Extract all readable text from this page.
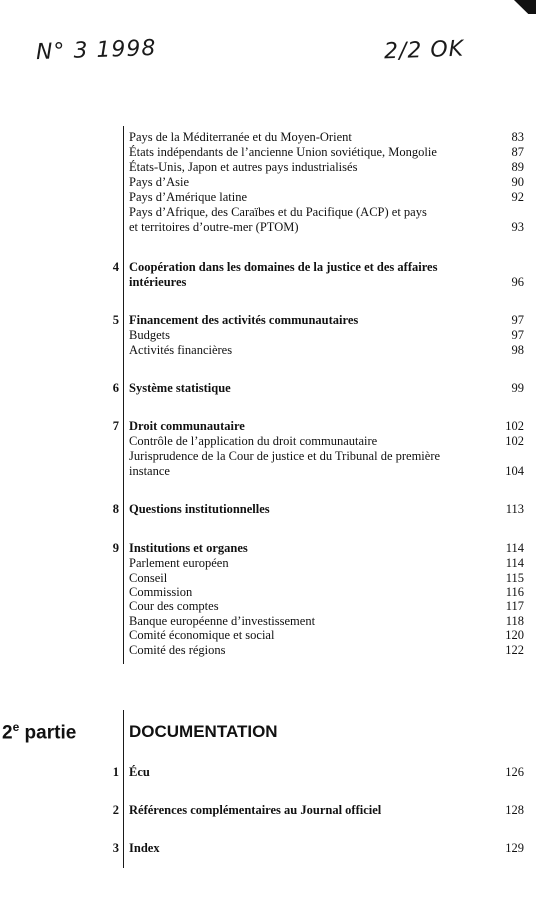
N° 3 1998	2/2 OK
Pays de la Méditerranée et du Moyen-Orient	83
États indépendants de l’ancienne Union soviétique, Mongolie	87
États-Unis, Japon et autres pays industrialisés	89
Pays d’Asie	90
Pays d’Amérique latine	92
Pays d’Afrique, des Caraïbes et du Pacifique (ACP) et pays
et territoires d’outre-mer (PTOM)	93
4 Coopération dans les domaines de la justice et des affaires
intérieures	96
5 Financement des activités communautaires	97
Budgets	97
Activités financières	98
6 Système statistique	99
7 Droit communautaire	102
Contrôle de l’application du droit communautaire	102
Jurisprudence de la Cour de justice et du Tribunal de première
instance	104
8 Questions institutionnelles	113
9 Institutions et organes	114
Parlement européen	114
Conseil	115
Commission	116
Cour des comptes	117
Banque européenne d’investissement	118
Comité économique et social	120
Comité des régions	122
2e partie	DOCUMENTATION
1 Écu	126
2 Références complémentaires au Journal officiel	128
3 Index	129
